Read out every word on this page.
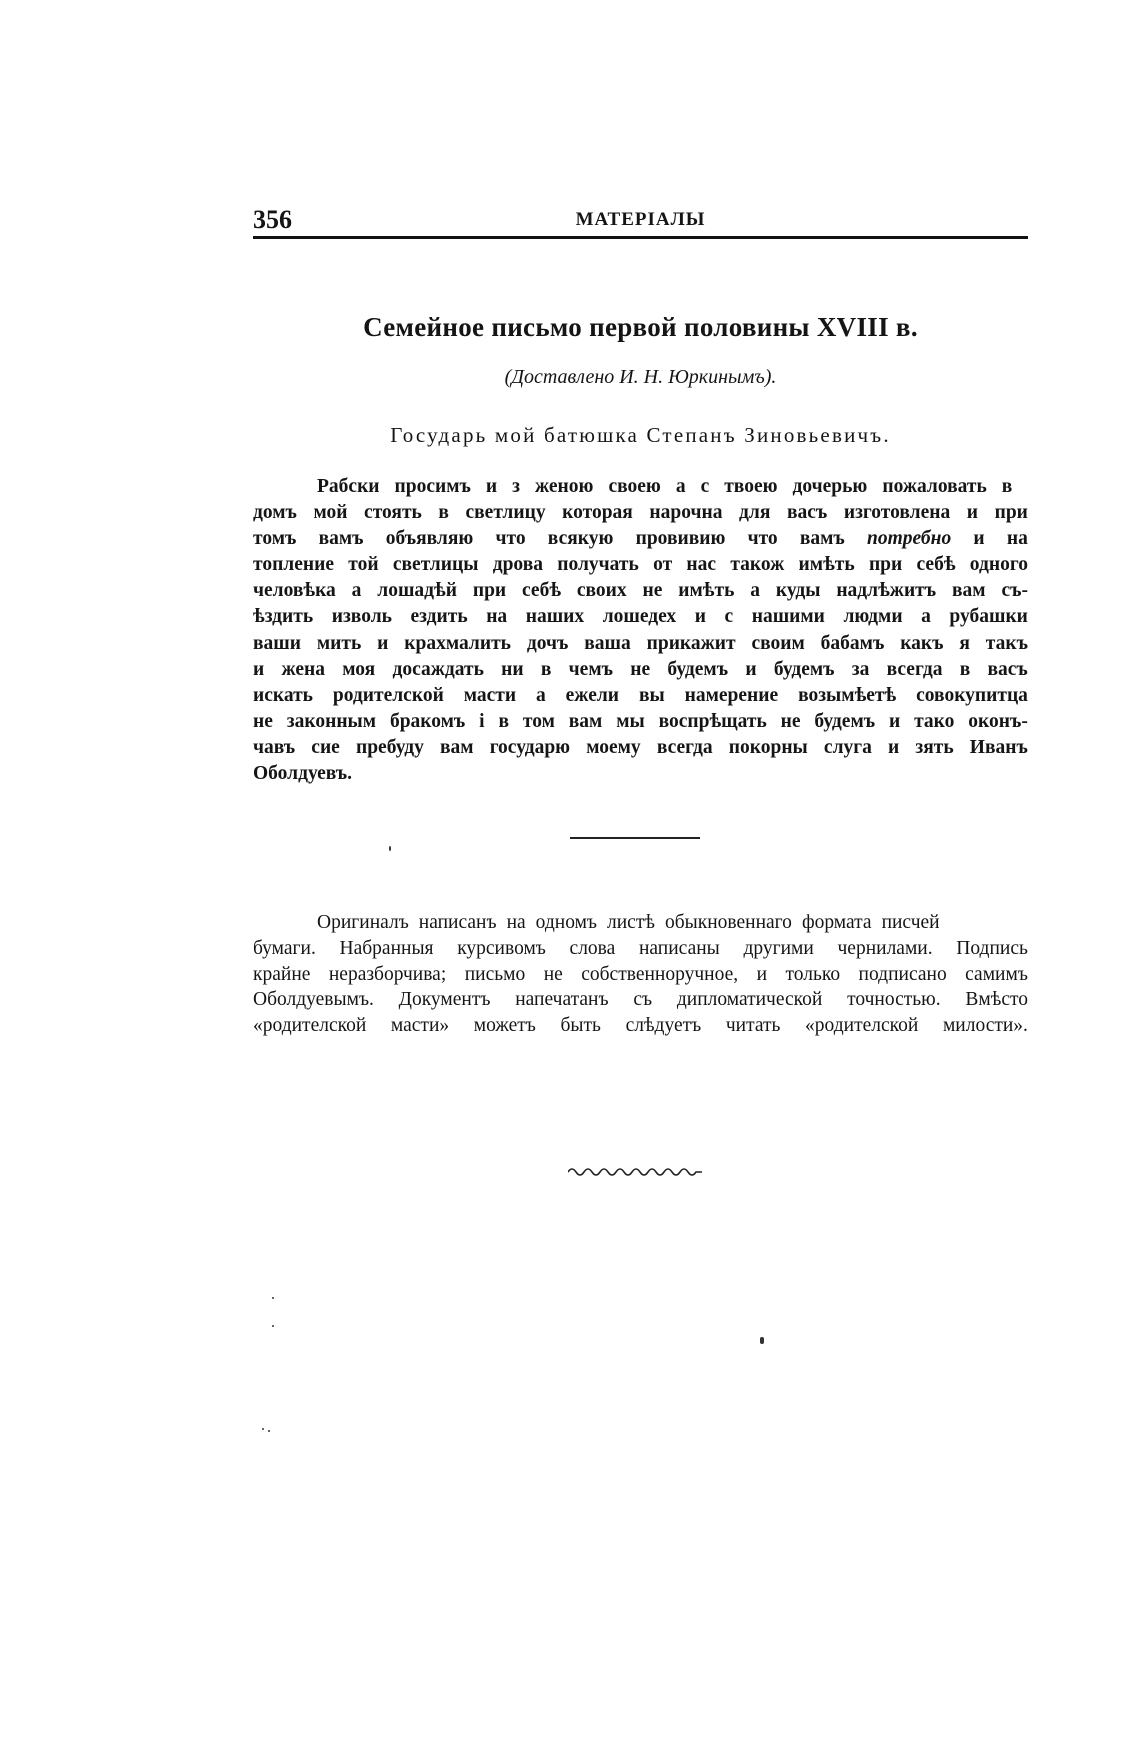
356	МАТЕРIАЛЫ
Семейное письмо первой половины XVIII в.
(Доставлено И. Н. Юркинымъ).
Государь мой батюшка Степанъ Зиновьевичъ.
Рабски просимъ и з женою своею а с твоею дочерью пожаловать в
домъ мой стоять в светлицу которая нарочна для васъ изготовлена и при
томъ вамъ объявляю что всякую провивию что вамъ потребно и на
топление той светлицы дрова получать от нас також имѣть при себѣ одного
человѣка а лошадѣй при себѣ своих не имѣть а куды надлѣжитъ вам съ-
ѣздить изволь ездить на наших лошедех и с нашими людми а рубашки
ваши мить и крахмалить дочъ ваша прикажит своим бабамъ какъ я такъ
и жена моя досаждать ни в чемъ не будемъ и будемъ за всегда в васъ
искать родителской масти а ежели вы намерение возымѣетѣ совокупитца
не законным бракомъ i в том вам мы воспрѣщать не будемъ и тако оконъ-
чавъ сие пребуду вам государю моему всегда покорны слуга и зять Иванъ
Оболдуевъ.
Оригиналъ написанъ на одномъ листѣ обыкновеннаго формата писчей
бумаги. Набранныя курсивомъ слова написаны другими чернилами. Подпись
крайне неразборчива; письмо не собственноручное, и только подписано самимъ
Оболдуевымъ. Документъ напечатанъ съ дипломатической точностью. Вмѣсто
«родителской масти» можетъ быть слѣдуетъ читать «родителской милости».
